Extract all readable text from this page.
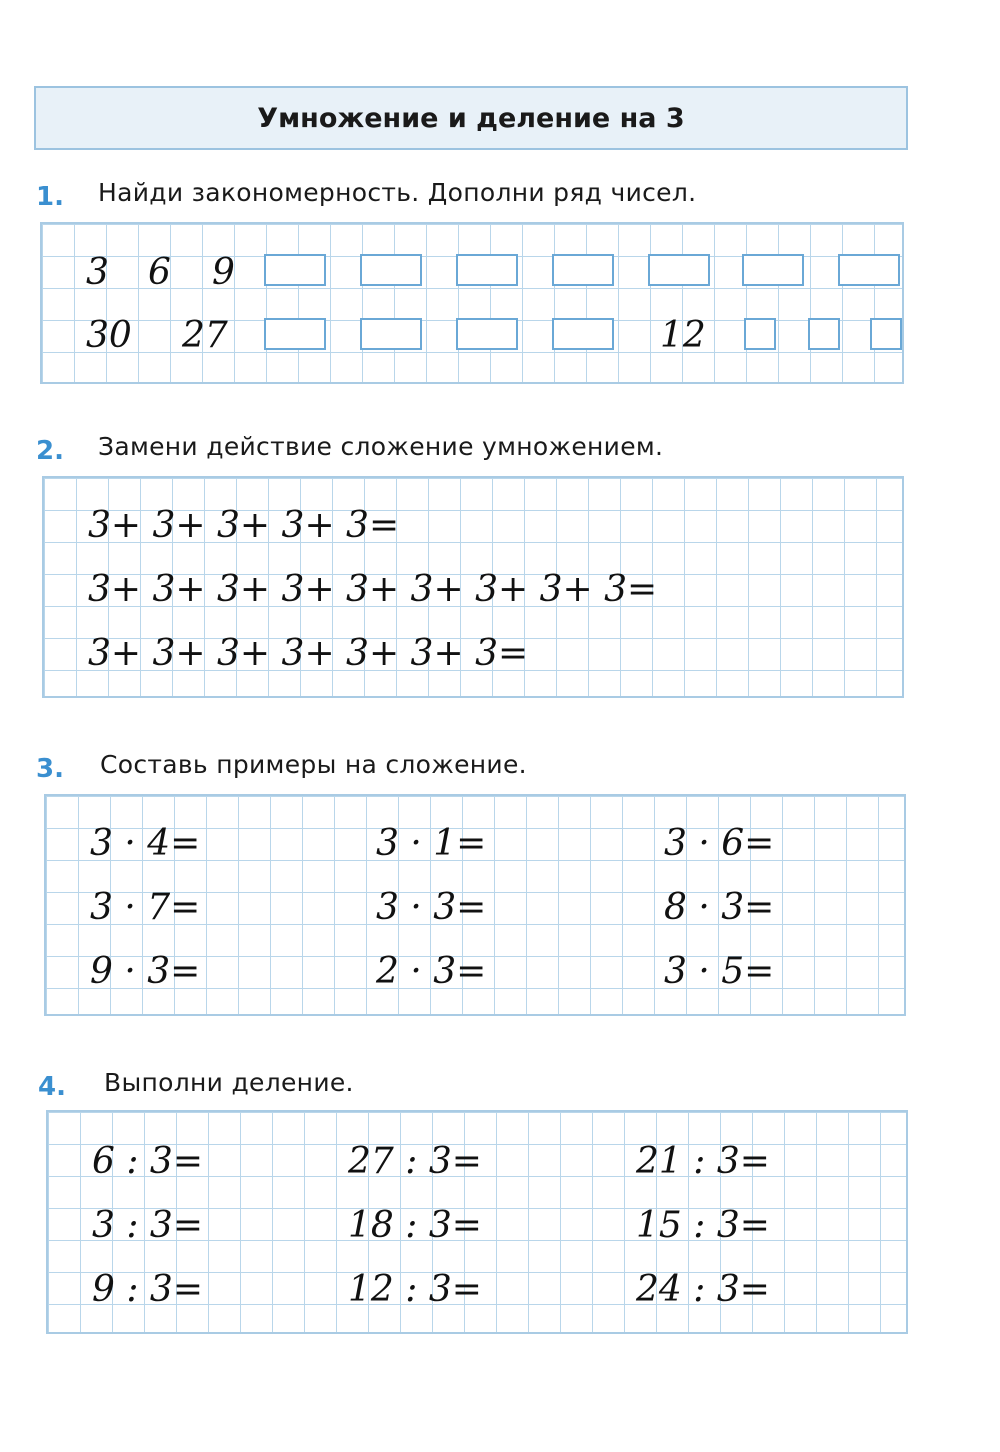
Умножение и деление на 3
1. Найди закономерность. Дополни ряд чисел.
3 6 9
30 27	12
2. Замени действие сложение умножением.
3+ 3+ 3+ 3+ 3=
3+ 3+ 3+ 3+ 3+ 3+ 3+ 3+ 3=
3+ 3+ 3+ 3+ 3+ 3+ 3=
3. Составь примеры на сложение.
3 · 4=	3 · 1=	3 · 6=
3 · 7=	3 · 3=	8 · 3=
9 · 3=	2 · 3=	3 · 5=
4. Выполни деление.
6 : 3=	27 : 3=	21 : 3=
3 : 3=	18 : 3=	15 : 3=
9 : 3=	12 : 3=	24 : 3=
